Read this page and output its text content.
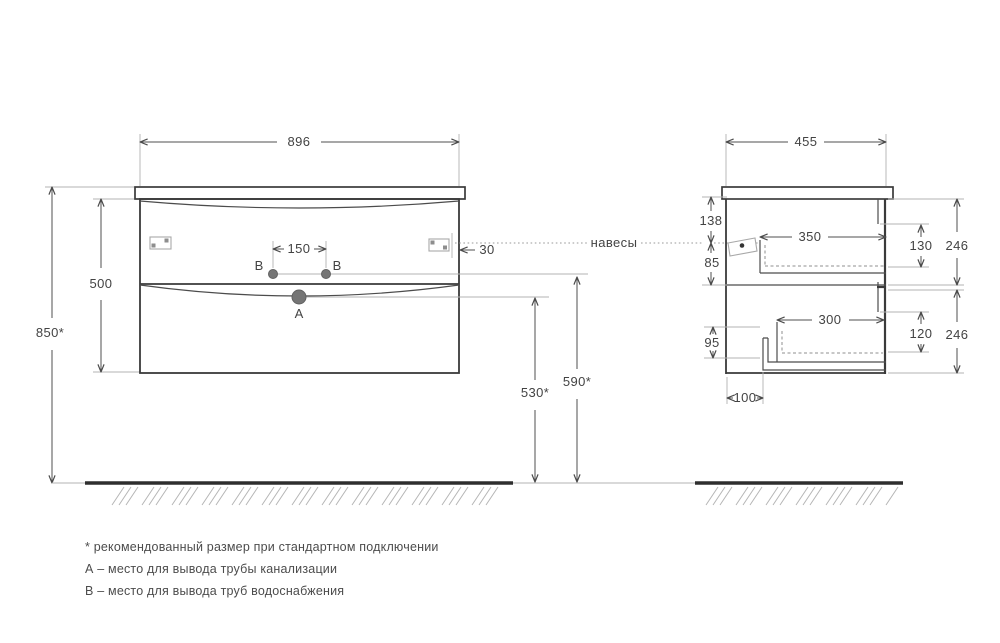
896
850*
500
30
150
B	B
A
530*
590*
навесы
455
138
85
350
300
95
100
130 246
120 246
* рекомендованный размер при стандартном подключении
А – место для вывода трубы канализации
В – место для вывода труб водоснабжения
